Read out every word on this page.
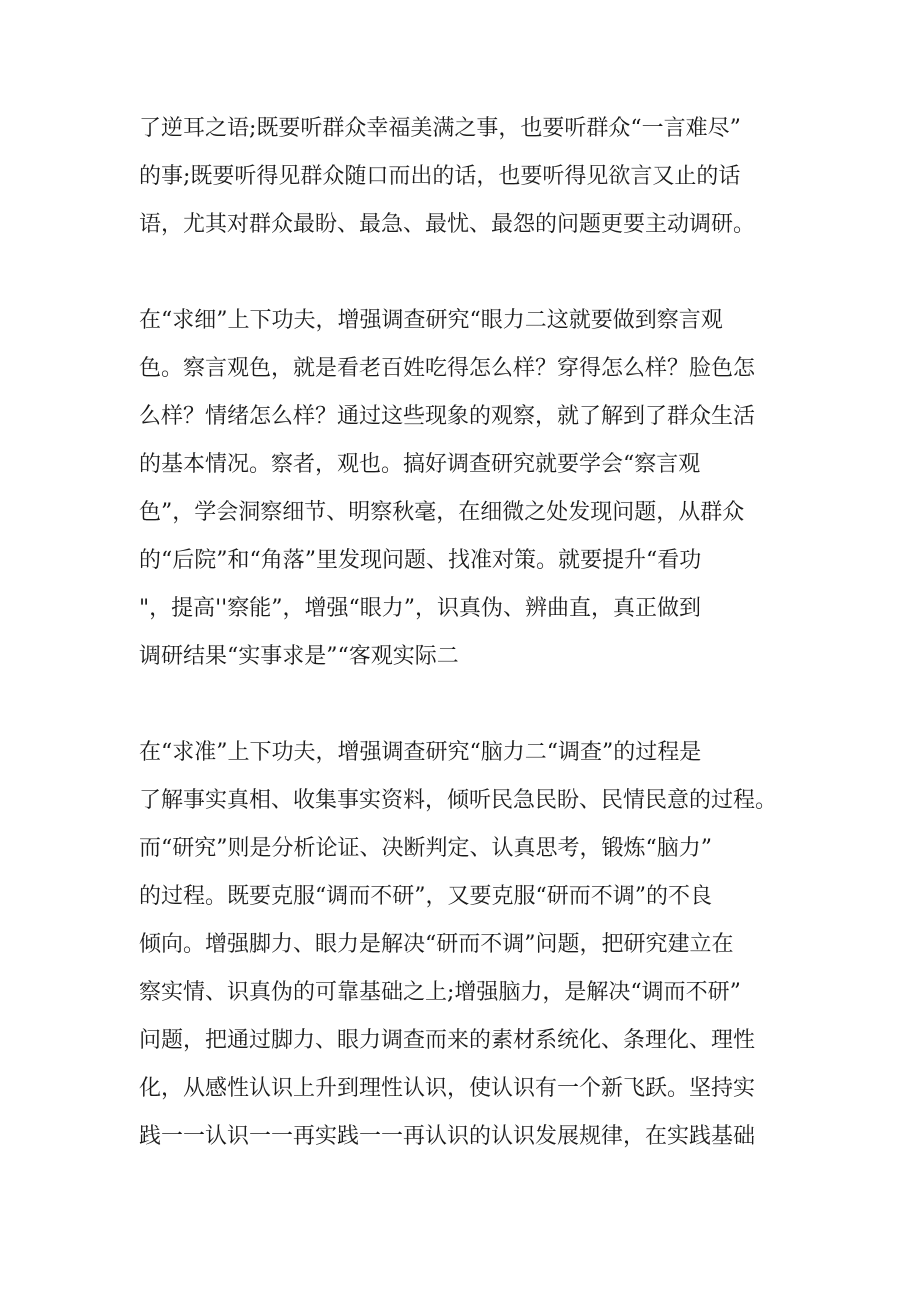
了逆耳之语;既要听群众幸福美满之事，也要听群众“一言难尽”
的事;既要听得见群众随口而出的话，也要听得见欲言又止的话
语，尤其对群众最盼、最急、最忧、最怨的问题更要主动调研。
在“求细”上下功夫，增强调查研究“眼力二这就要做到察言观
色。察言观色，就是看老百姓吃得怎么样？穿得怎么样？脸色怎
么样？情绪怎么样？通过这些现象的观察，就了解到了群众生活
的基本情况。察者，观也。搞好调查研究就要学会“察言观
色”，学会洞察细节、明察秋毫，在细微之处发现问题，从群众
的“后院”和“角落”里发现问题、找准对策。就要提升“看功
"，提高''察能”，增强“眼力”，识真伪、辨曲直，真正做到
调研结果“实事求是”“客观实际二
在“求准”上下功夫，增强调查研究“脑力二“调查”的过程是
了解事实真相、收集事实资料，倾听民急民盼、民情民意的过程。
而“研究”则是分析论证、决断判定、认真思考，锻炼“脑力”
的过程。既要克服“调而不研”，又要克服“研而不调”的不良
倾向。增强脚力、眼力是解决“研而不调”问题，把研究建立在
察实情、识真伪的可靠基础之上;增强脑力，是解决“调而不研”
问题，把通过脚力、眼力调查而来的素材系统化、条理化、理性
化，从感性认识上升到理性认识，使认识有一个新飞跃。坚持实
践一一认识一一再实践一一再认识的认识发展规律，在实践基础
